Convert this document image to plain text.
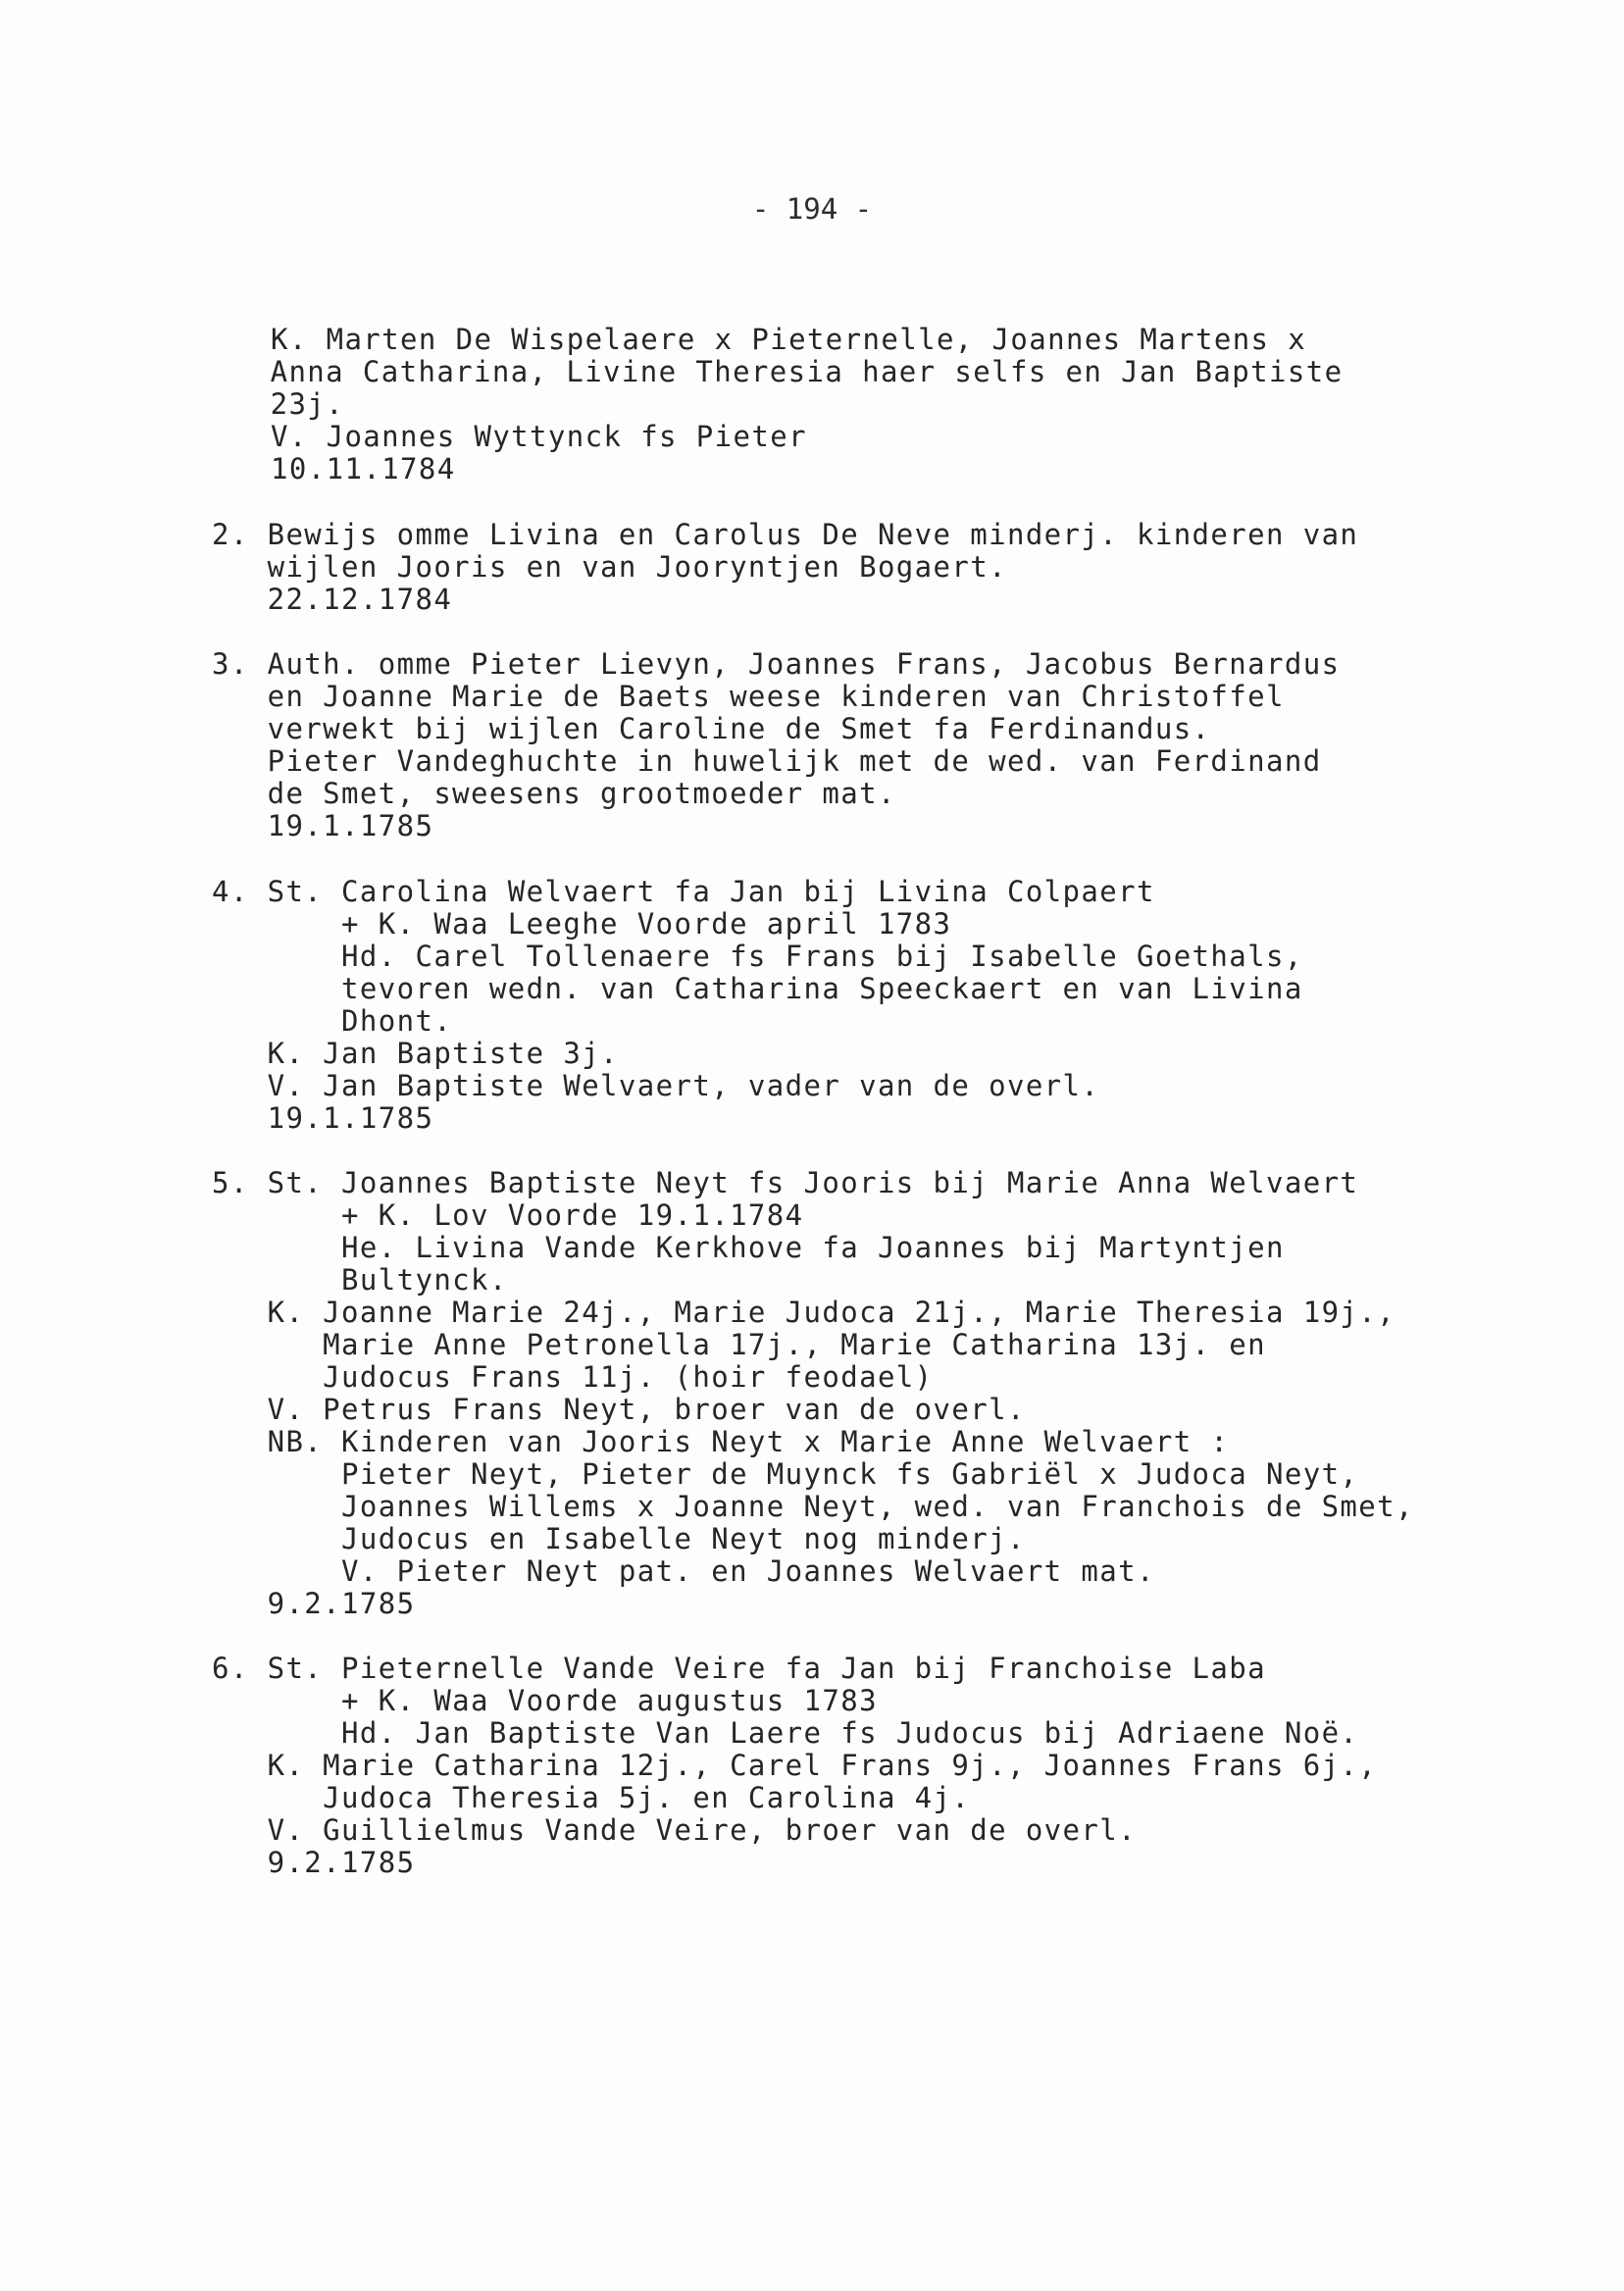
- 194 -
K. Marten De Wispelaere x Pieternelle, Joannes Martens x
Anna Catharina, Livine Theresia haer selfs en Jan Baptiste
23j.
V. Joannes Wyttynck fs Pieter
10.11.1784
2. Bewijs omme Livina en Carolus De Neve minderj. kinderen van
wijlen Jooris en van Jooryntjen Bogaert.
22.12.1784
3. Auth. omme Pieter Lievyn, Joannes Frans, Jacobus Bernardus
en Joanne Marie de Baets weese kinderen van Christoffel
verwekt bij wijlen Caroline de Smet fa Ferdinandus.
Pieter Vandeghuchte in huwelijk met de wed. van Ferdinand
de Smet, sweesens grootmoeder mat.
19.1.1785
4. St. Carolina Welvaert fa Jan bij Livina Colpaert
+ K. Waa Leeghe Voorde april 1783
Hd. Carel Tollenaere fs Frans bij Isabelle Goethals,
tevoren wedn. van Catharina Speeckaert en van Livina
Dhont.
K. Jan Baptiste 3j.
V. Jan Baptiste Welvaert, vader van de overl.
19.1.1785
5. St. Joannes Baptiste Neyt fs Jooris bij Marie Anna Welvaert
+ K. Lov Voorde 19.1.1784
He. Livina Vande Kerkhove fa Joannes bij Martyntjen
Bultynck.
K. Joanne Marie 24j., Marie Judoca 21j., Marie Theresia 19j.,
Marie Anne Petronella 17j., Marie Catharina 13j. en
Judocus Frans 11j. (hoir feodael)
V. Petrus Frans Neyt, broer van de overl.
NB. Kinderen van Jooris Neyt x Marie Anne Welvaert :
Pieter Neyt, Pieter de Muynck fs Gabriël x Judoca Neyt,
Joannes Willems x Joanne Neyt, wed. van Franchois de Smet,
Judocus en Isabelle Neyt nog minderj.
V. Pieter Neyt pat. en Joannes Welvaert mat.
9.2.1785
6. St. Pieternelle Vande Veire fa Jan bij Franchoise Laba
+ K. Waa Voorde augustus 1783
Hd. Jan Baptiste Van Laere fs Judocus bij Adriaene Noë.
K. Marie Catharina 12j., Carel Frans 9j., Joannes Frans 6j.,
Judoca Theresia 5j. en Carolina 4j.
V. Guillielmus Vande Veire, broer van de overl.
9.2.1785
